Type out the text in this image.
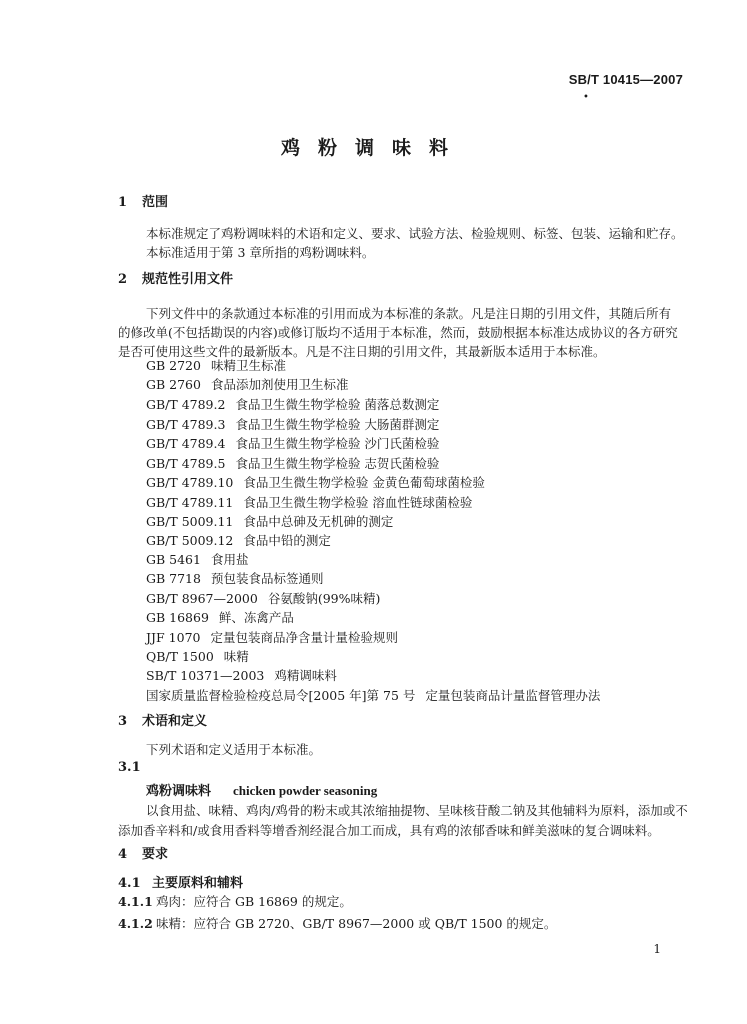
SB/T 10415—2007
•
鸡粉调味料
1 范围
本标准规定了鸡粉调味料的术语和定义、要求、试验方法、检验规则、标签、包装、运输和贮存。
本标准适用于第 3 章所指的鸡粉调味料。
2 规范性引用文件
下列文件中的条款通过本标准的引用而成为本标准的条款。凡是注日期的引用文件，其随后所有
的修改单(不包括勘误的内容)或修订版均不适用于本标准，然而，鼓励根据本标准达成协议的各方研究
是否可使用这些文件的最新版本。凡是不注日期的引用文件，其最新版本适用于本标准。
GB 2720 味精卫生标准
GB 2760 食品添加剂使用卫生标准
GB/T 4789.2 食品卫生微生物学检验 菌落总数测定
GB/T 4789.3 食品卫生微生物学检验 大肠菌群测定
GB/T 4789.4 食品卫生微生物学检验 沙门氏菌检验
GB/T 4789.5 食品卫生微生物学检验 志贺氏菌检验
GB/T 4789.10 食品卫生微生物学检验 金黄色葡萄球菌检验
GB/T 4789.11 食品卫生微生物学检验 溶血性链球菌检验
GB/T 5009.11 食品中总砷及无机砷的测定
GB/T 5009.12 食品中铅的测定
GB 5461 食用盐
GB 7718 预包装食品标签通则
GB/T 8967—2000 谷氨酸钠(99%味精)
GB 16869 鲜、冻禽产品
JJF 1070 定量包装商品净含量计量检验规则
QB/T 1500 味精
SB/T 10371—2003 鸡精调味料
国家质量监督检验检疫总局令[2005 年]第 75 号 定量包装商品计量监督管理办法
3 术语和定义
下列术语和定义适用于本标准。
3.1
鸡粉调味料 chicken powder seasoning
以食用盐、味精、鸡肉/鸡骨的粉末或其浓缩抽提物、呈味核苷酸二钠及其他辅料为原料，添加或不
添加香辛料和/或食用香料等增香剂经混合加工而成，具有鸡的浓郁香味和鲜美滋味的复合调味料。
4 要求
4.1 主要原料和辅料
4.1.1 鸡肉：应符合 GB 16869 的规定。
4.1.2 味精：应符合 GB 2720、GB/T 8967—2000 或 QB/T 1500 的规定。
1
